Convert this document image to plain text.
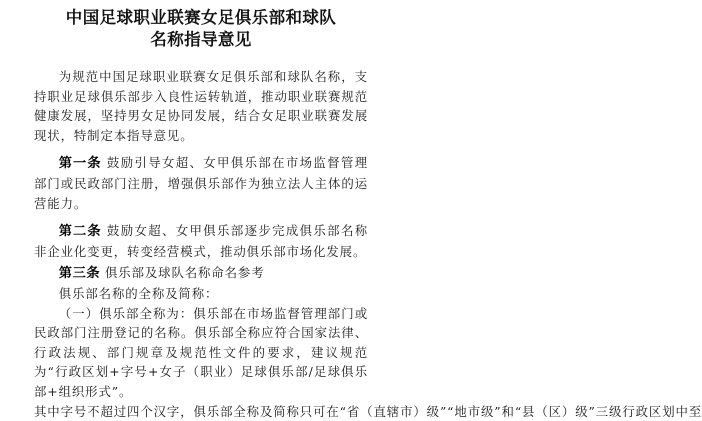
中国足球职业联赛女足俱乐部和球队
名称指导意见

为规范中国足球职业联赛女足俱乐部和球队名称，支持职业足球俱乐部步入良性运转轨道，推动职业联赛规范健康发展，坚持男女足协同发展，结合女足职业联赛发展现状，特制定本指导意见。

第一条 鼓励引导女超、女甲俱乐部在市场监督管理部门或民政部门注册，增强俱乐部作为独立法人主体的运营能力。

第二条 鼓励女超、女甲俱乐部逐步完成俱乐部名称非企业化变更，转变经营模式，推动俱乐部市场化发展。

第三条 俱乐部及球队名称命名参考

俱乐部名称的全称及简称：

（一）俱乐部全称为：俱乐部在市场监督管理部门或民政部门注册登记的名称。俱乐部全称应符合国家法律、行政法规、部门规章及规范性文件的要求，建议规范为“行政区划+字号+女子（职业）足球俱乐部/足球俱乐部+组织形式”。

其中字号不超过四个汉字，俱乐部全称及简称只可在“省（直辖市）级”“地市级”和“县（区）级”三级行政区划中至
